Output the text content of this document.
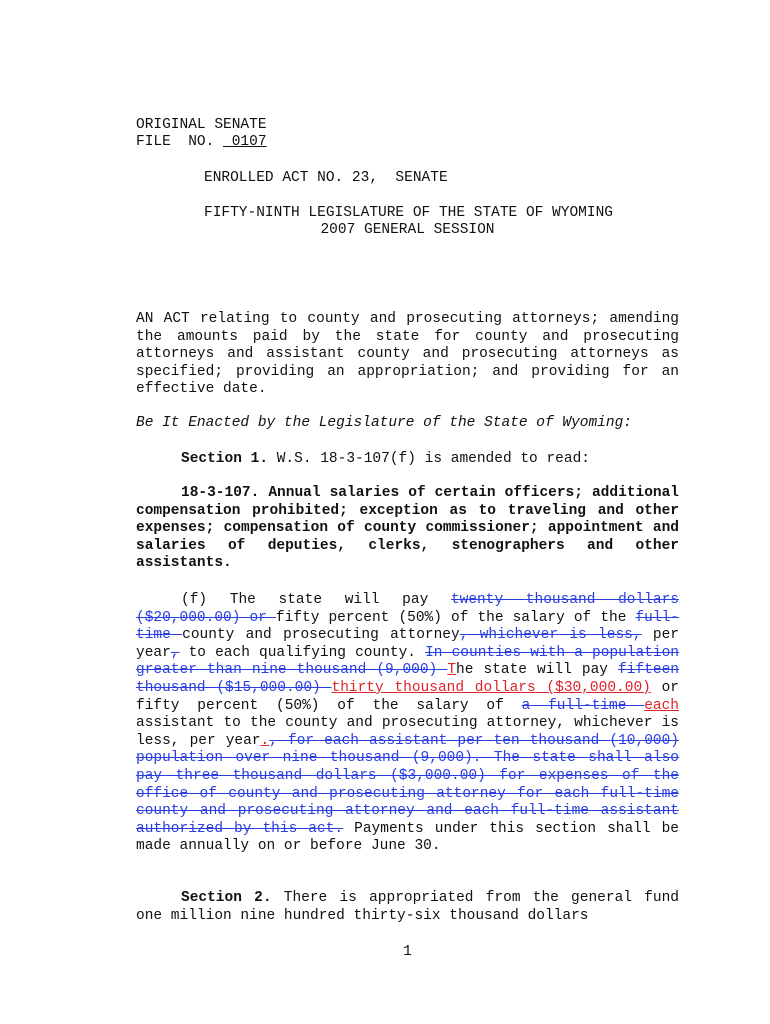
ORIGINAL SENATE
FILE  NO.  0107
ENROLLED ACT NO. 23,  SENATE
FIFTY-NINTH LEGISLATURE OF THE STATE OF WYOMING
2007 GENERAL SESSION
AN ACT relating to county and prosecuting attorneys; amending the amounts paid by the state for county and prosecuting attorneys and assistant county and prosecuting attorneys as specified; providing an appropriation; and providing for an effective date.
Be It Enacted by the Legislature of the State of Wyoming:
Section 1. W.S. 18-3-107(f) is amended to read:
18-3-107. Annual salaries of certain officers; additional compensation prohibited; exception as to traveling and other expenses; compensation of county commissioner; appointment and salaries of deputies, clerks, stenographers and other assistants.
(f) The state will pay twenty thousand dollars ($20,000.00) or fifty percent (50%) of the salary of the full-time county and prosecuting attorney, whichever is less, per year, to each qualifying county. In counties with a population greater than nine thousand (9,000) The state will pay fifteen thousand ($15,000.00) thirty thousand dollars ($30,000.00) or fifty percent (50%) of the salary of a full-time each assistant to the county and prosecuting attorney, whichever is less, per year., for each assistant per ten thousand (10,000) population over nine thousand (9,000). The state shall also pay three thousand dollars ($3,000.00) for expenses of the office of county and prosecuting attorney for each full-time county and prosecuting attorney and each full-time assistant authorized by this act. Payments under this section shall be made annually on or before June 30.
Section 2. There is appropriated from the general fund one million nine hundred thirty-six thousand dollars
1
